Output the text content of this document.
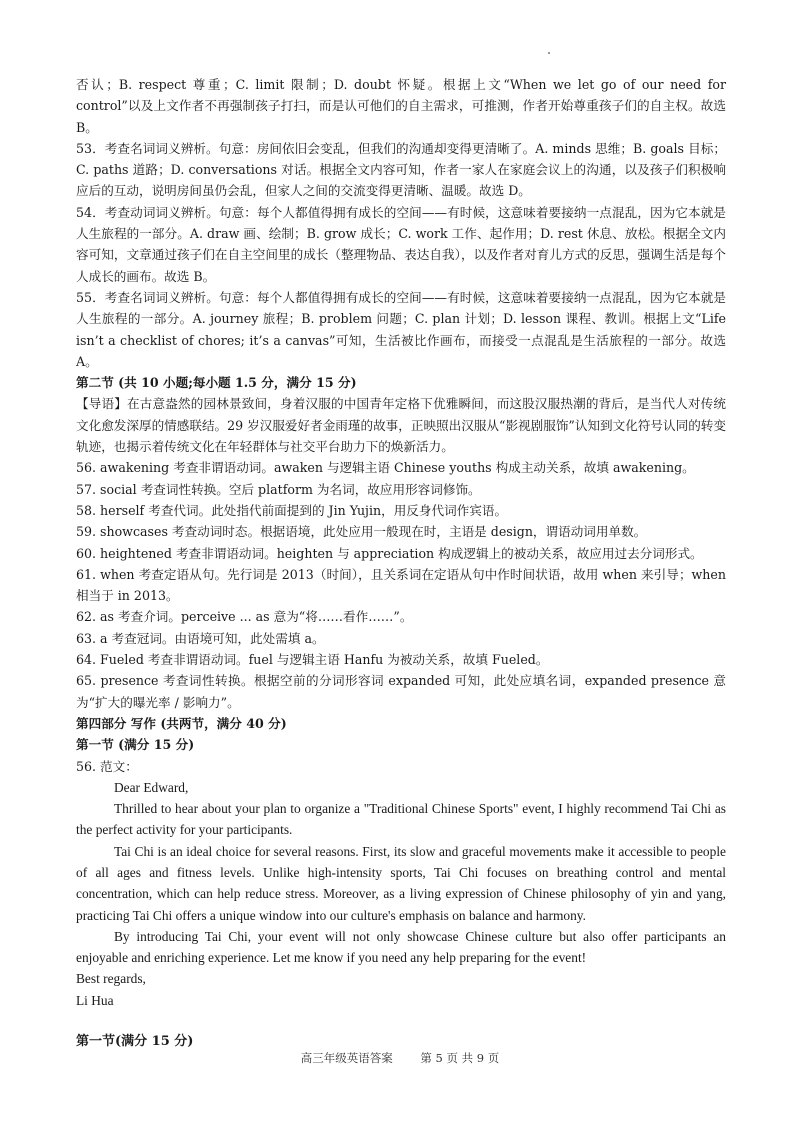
否认；B. respect 尊重；C. limit 限制；D. doubt 怀疑。根据上文“When we let go of our need for control”以及上文作者不再强制孩子打扫，而是认可他们的自主需求，可推测，作者开始尊重孩子们的自主权。故选B。

53．考查名词词义辨析。句意：房间依旧会变乱，但我们的沟通却变得更清晰了。A. minds 思维；B. goals 目标；C. paths 道路；D. conversations 对话。根据全文内容可知，作者一家人在家庭会议上的沟通，以及孩子们积极响应后的互动，说明房间虽仍会乱，但家人之间的交流变得更清晰、温暖。故选 D。

54．考查动词词义辨析。句意：每个人都值得拥有成长的空间——有时候，这意味着要接纳一点混乱，因为它本就是人生旅程的一部分。A. draw 画、绘制；B. grow 成长；C. work 工作、起作用；D. rest 休息、放松。根据全文内容可知，文章通过孩子们在自主空间里的成长（整理物品、表达自我），以及作者对育儿方式的反思，强调生活是每个人成长的画布。故选 B。

55．考查名词词义辨析。句意：每个人都值得拥有成长的空间——有时候，这意味着要接纳一点混乱，因为它本就是人生旅程的一部分。A. journey 旅程；B. problem 问题；C. plan 计划；D. lesson 课程、教训。根据上文“Life isn’t a checklist of chores; it’s a canvas”可知，生活被比作画布，而接受一点混乱是生活旅程的一部分。故选 A。

第二节 (共 10 小题;每小题 1.5 分，满分 15 分)

【导语】在古意盎然的园林景致间，身着汉服的中国青年定格下优雅瞬间，而这股汉服热潮的背后，是当代人对传统文化愈发深厚的情感联结。29 岁汉服爱好者金雨瑾的故事，正映照出汉服从“影视剧服饰”认知到文化符号认同的转变轨迹，也揭示着传统文化在年轻群体与社交平台助力下的焕新活力。

56. awakening 考查非谓语动词。awaken 与逻辑主语 Chinese youths 构成主动关系，故填 awakening。

57. social 考查词性转换。空后 platform 为名词，故应用形容词修饰。

58. herself 考查代词。此处指代前面提到的 Jin Yujin，用反身代词作宾语。

59. showcases 考查动词时态。根据语境，此处应用一般现在时，主语是 design，谓语动词用单数。

60. heightened 考查非谓语动词。heighten 与 appreciation 构成逻辑上的被动关系，故应用过去分词形式。

61. when 考查定语从句。先行词是 2013（时间），且关系词在定语从句中作时间状语，故用 when 来引导；when 相当于 in 2013。

62. as 考查介词。perceive ... as 意为“将……看作……”。

63. a 考查冠词。由语境可知，此处需填 a。

64. Fueled 考查非谓语动词。fuel 与逻辑主语 Hanfu 为被动关系，故填 Fueled。

65. presence 考查词性转换。根据空前的分词形容词 expanded 可知，此处应填名词，expanded presence 意为“扩大的曝光率 / 影响力”。

第四部分 写作 (共两节，满分 40 分)

第一节 (满分 15 分)

56. 范文：

Dear Edward,

Thrilled to hear about your plan to organize a "Traditional Chinese Sports" event, I highly recommend Tai Chi as the perfect activity for your participants.

Tai Chi is an ideal choice for several reasons. First, its slow and graceful movements make it accessible to people of all ages and fitness levels. Unlike high-intensity sports, Tai Chi focuses on breathing control and mental concentration, which can help reduce stress. Moreover, as a living expression of Chinese philosophy of yin and yang, practicing Tai Chi offers a unique window into our culture's emphasis on balance and harmony.

By introducing Tai Chi, your event will not only showcase Chinese culture but also offer participants an enjoyable and enriching experience. Let me know if you need any help preparing for the event!

Best regards,

Li Hua

第一节(满分 15 分)
高三年级英语答案 第 5 页 共 9 页
